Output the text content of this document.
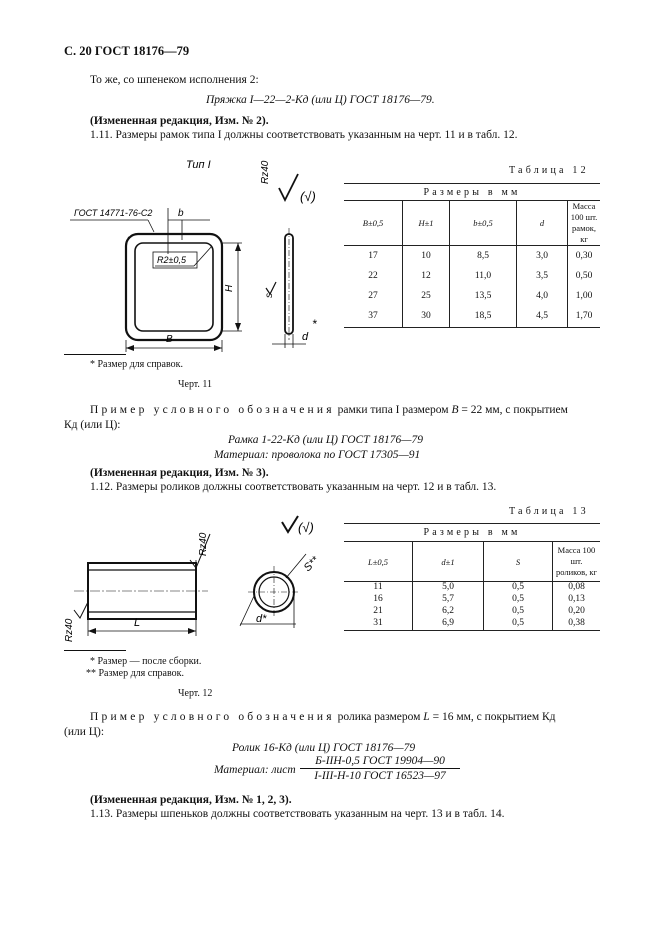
С. 20 ГОСТ 18176—79
То же, со шпенеком исполнения 2:
Пряжка I—22—2-Кд (или Ц) ГОСТ 18176—79.
(Измененная редакция, Изм. № 2).
1.11. Размеры рамок типа I должны соответствовать указанным на черт. 11 и в табл. 12.
Тип I	Rz40
(√)
ГОСТ 14771-76-С2	b
R2±0,5
H
B
s
d
*
Таблица 12
Размеры в мм				
B±0,5	H±1	b±0,5	d	Масса 100 шт. рамок, кг
17	10	8,5	3,0	0,30
22	12	11,0	3,5	0,50
27	25	13,5	4,0	1,00
37	30	18,5	4,5	1,70
* Размер для справок.
Черт. 11
Пример условного обозначения рамки типа I размером B = 22 мм, с покрытием
Кд (или Ц):
Рамка 1-22-Кд (или Ц) ГОСТ 18176—79
Материал: проволока по ГОСТ 17305—91
(Измененная редакция, Изм. № 3).
1.12. Размеры роликов должны соответствовать указанным на черт. 12 и в табл. 13.
Rz40
Rz40	L
(√)
S**
d*
Таблица 13
Размеры в мм			
L±0,5	d±1	S	Масса 100 шт. роликов, кг
11	5,0	0,5	0,08
16	5,7	0,5	0,13
21	6,2	0,5	0,20
31	6,9	0,5	0,38
* Размер — после сборки.
** Размер для справок.
Черт. 12
Пример условного обозначения ролика размером L = 16 мм, с покрытием Кд
(или Ц):
Ролик 16-Кд (или Ц) ГОСТ 18176—79
Материал: лист
Б-IIН-0,5 ГОСТ 19904—90
I-III-Н-10 ГОСТ 16523—97
(Измененная редакция, Изм. № 1, 2, 3).
1.13. Размеры шпеньков должны соответствовать указанным на черт. 13 и в табл. 14.
